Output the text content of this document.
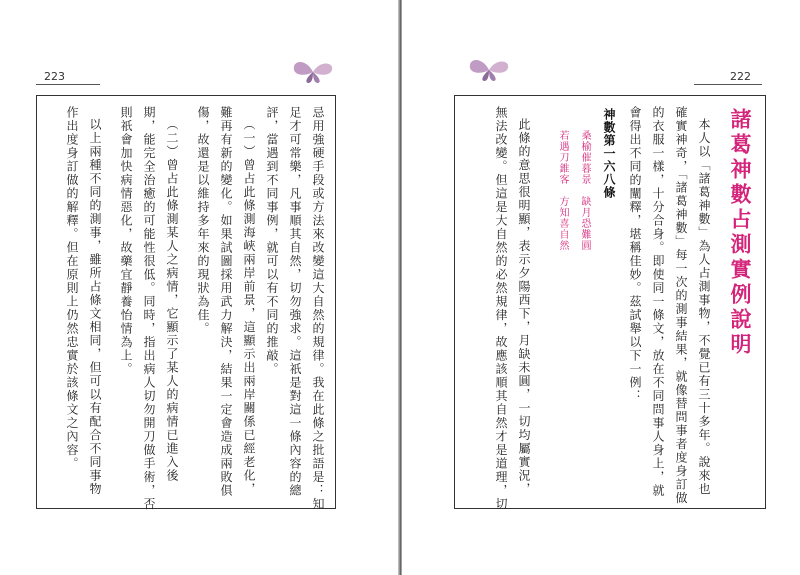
223
忌用強硬手段或方法來改變這大自然的規律。我在此條之批語是：知
足才可常樂，凡事順其自然，切勿強求。這祇是對這一條內容的總
評，當遇到不同事例，就可以有不同的推敲。
（一）曾占此條測海峽兩岸前景，這顯示出兩岸關係已經老化，
難再有新的變化。如果試圖採用武力解決，結果一定會造成兩敗俱
傷，故還是以維持多年來的現狀為佳。
（二）曾占此條測某人之病情，它顯示了某人的病情已進入後
期，能完全治癒的可能性很低。同時，指出病人切勿開刀做手術，否
則祇會加快病情惡化，故藥宜靜養怡情為上。
以上兩種不同的測事，雖所占條文相同，但可以有配合不同事物
作出度身訂做的解釋。但在原則上仍然忠實於該條文之內容。
222
諸葛神數占測實例說明
本人以「諸葛神數」為人占測事物，不覺已有三十多年。說來也
確實神奇，「諸葛神數」每一次的測事結果，就像替問事者度身訂做
的衣服一樣，十分合身。即使同一條文，放在不同問事人身上，就
會得出不同的闡釋，堪稱佳妙。茲試舉以下一例：
神數第一六八條
桑榆催暮景　缺月恐難圓
若遇刀錐客　方知喜自然
此條的意思很明顯，表示夕陽西下，月缺未圓，一切均屬實況，
無法改變。但這是大自然的必然規律，故應該順其自然才是道理，切
